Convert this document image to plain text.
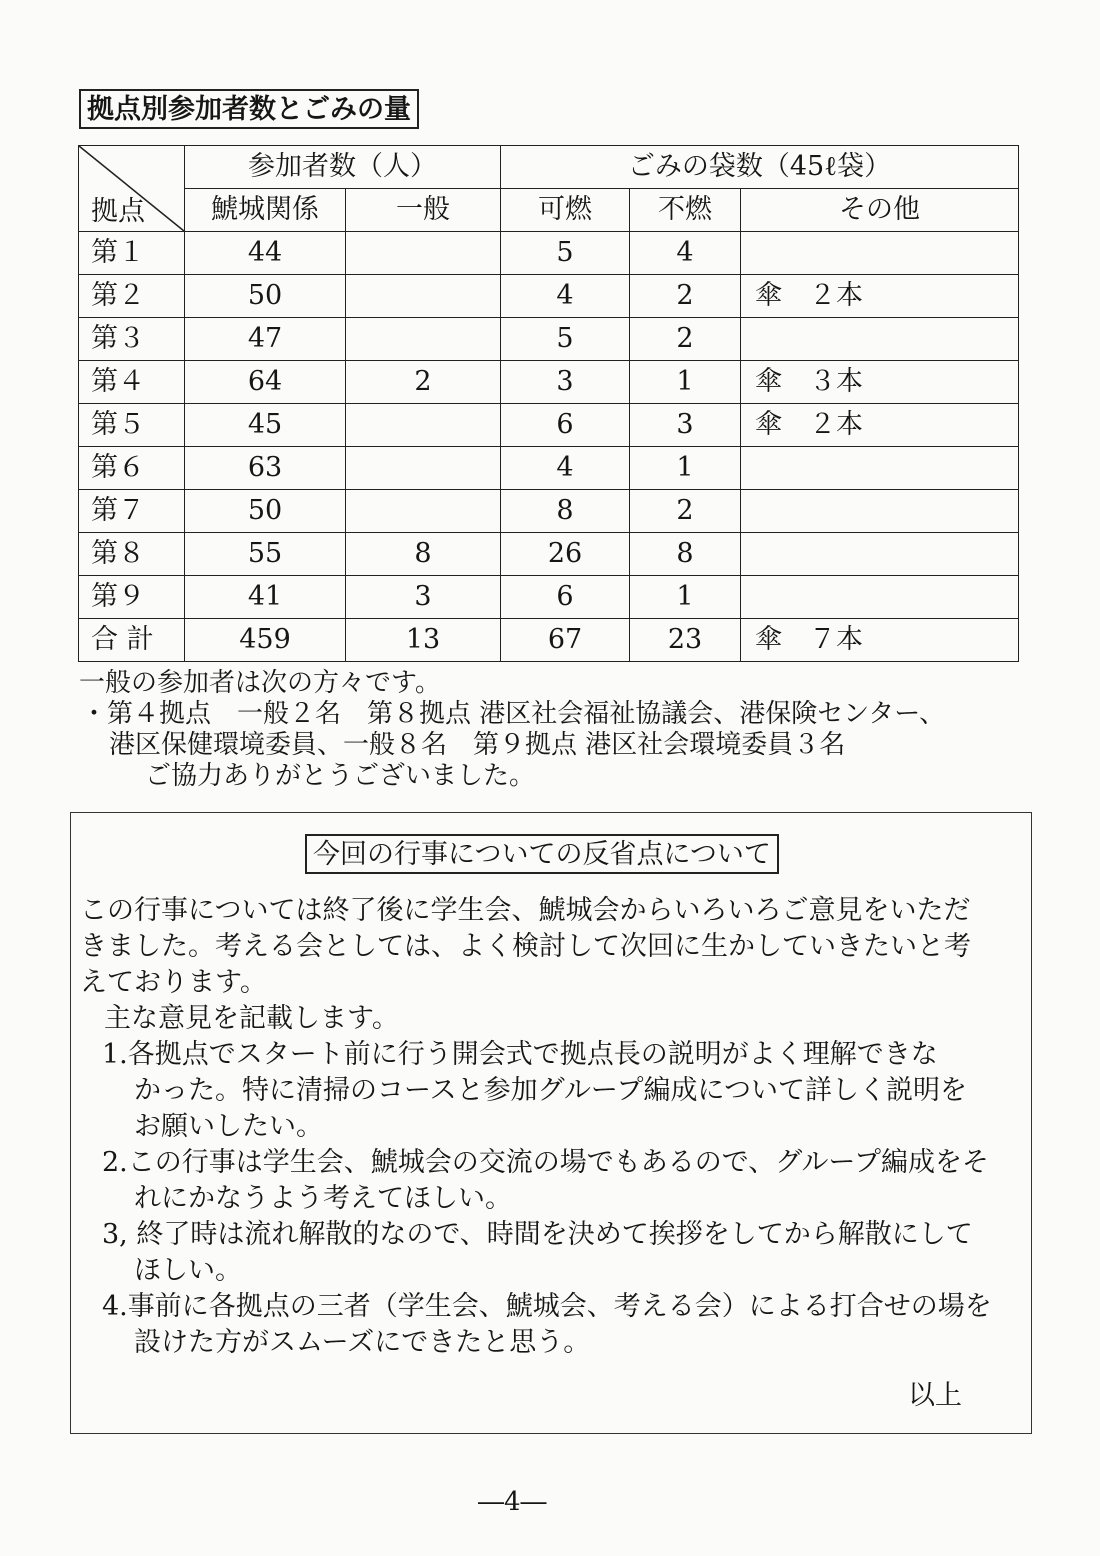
拠点別参加者数とごみの量
拠点	参加者数（人）		ごみの袋数（45ℓ袋）		
	鯱城関係	一般	可燃	不燃	その他
第１	44		5	4	
第２	50		4	2	傘　２本
第３	47		5	2	
第４	64	2	3	1	傘　３本
第５	45		6	3	傘　２本
第６	63		4	1	
第７	50		8	2	
第８	55	8	26	8	
第９	41	3	6	1	
合 計	459	13	67	23	傘　７本
一般の参加者は次の方々です。
・第４拠点　一般２名　第８拠点 港区社会福祉協議会、港保険センター、
港区保健環境委員、一般８名　第９拠点 港区社会環境委員３名
ご協力ありがとうございました。
今回の行事についての反省点について
この行事については終了後に学生会、鯱城会からいろいろご意見をいただ
きました。考える会としては、よく検討して次回に生かしていきたいと考
えております。
主な意見を記載します。
1.各拠点でスタート前に行う開会式で拠点長の説明がよく理解できな
かった。特に清掃のコースと参加グループ編成について詳しく説明を
お願いしたい。
2.この行事は学生会、鯱城会の交流の場でもあるので、グループ編成をそ
れにかなうよう考えてほしい。
3, 終了時は流れ解散的なので、時間を決めて挨拶をしてから解散にして
ほしい。
4.事前に各拠点の三者（学生会、鯱城会、考える会）による打合せの場を
設けた方がスムーズにできたと思う。
以上
―4―
